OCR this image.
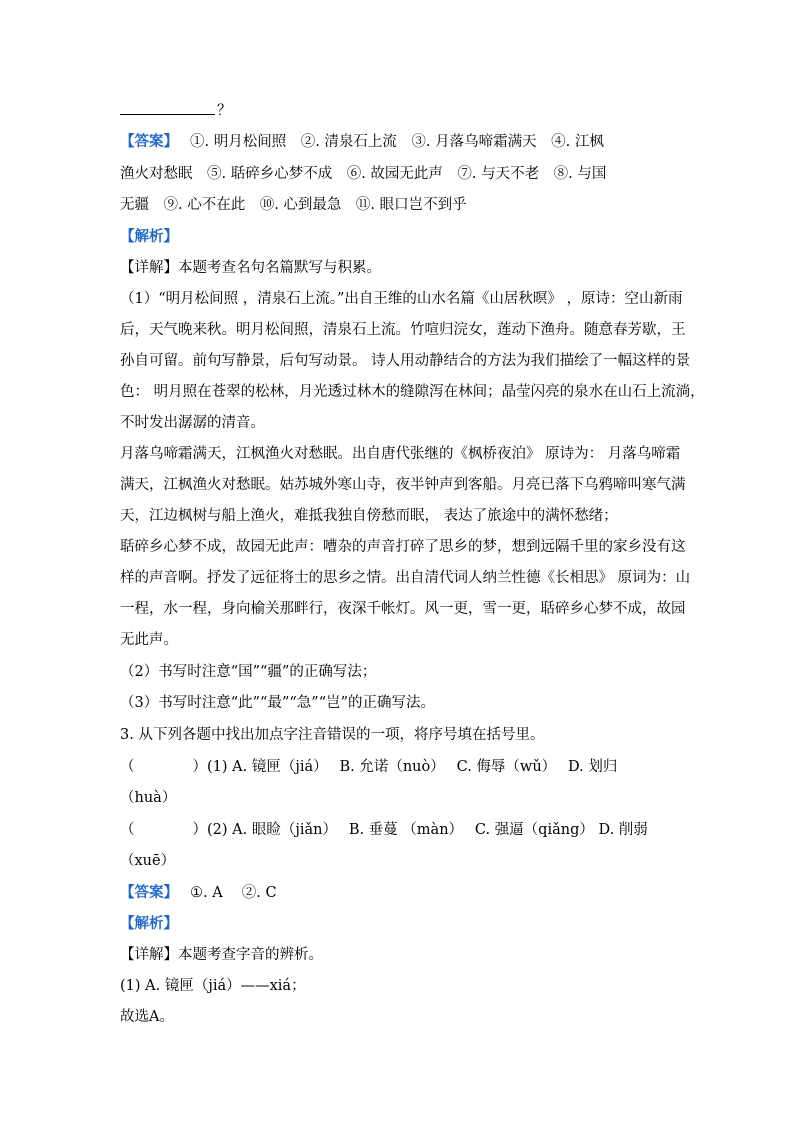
？
【答案】 ①. 明月松间照　②. 清泉石上流　③. 月落乌啼霜满天　④. 江枫
渔火对愁眠　⑤. 聒碎乡心梦不成　⑥. 故园无此声　⑦. 与天不老　⑧. 与国
无疆　⑨. 心不在此　⑩. 心到最急　⑪. 眼口岂不到乎
【解析】
【详解】本题考查名句名篇默写与积累。
（1）“明月松间照 ，清泉石上流。”出自王维的山水名篇《山居秋暝》 ，原诗：空山新雨
后，天气晚来秋。明月松间照，清泉石上流。竹喧归浣女，莲动下渔舟。随意春芳歇，王
孙自可留。前句写静景，后句写动景。 诗人用动静结合的方法为我们描绘了一幅这样的景
色： 明月照在苍翠的松林，月光透过林木的缝隙泻在林间；晶莹闪亮的泉水在山石上流淌，
不时发出潺潺的清音。
月落乌啼霜满天，江枫渔火对愁眠。出自唐代张继的《枫桥夜泊》 原诗为： 月落乌啼霜
满天，江枫渔火对愁眠。姑苏城外寒山寺，夜半钟声到客船。月亮已落下乌鸦啼叫寒气满
天，江边枫树与船上渔火，难抵我独自傍愁而眠， 表达了旅途中的满怀愁绪；
聒碎乡心梦不成，故园无此声：嘈杂的声音打碎了思乡的梦，想到远隔千里的家乡没有这
样的声音啊。抒发了远征将士的思乡之情。出自清代词人纳兰性德《长相思》 原词为：山
一程，水一程，身向榆关那畔行，夜深千帐灯。风一更，雪一更，聒碎乡心梦不成，故园
无此声。
（2）书写时注意“国”“疆”的正确写法；
（3）书写时注意“此”“最”“急”“岂”的正确写法。
3. 从下列各题中找出加点字注音错误的一项，将序号填在括号里。
（　　　　）(1) A. 镜匣（jiá）　 B. 允诺（nuò）　 C. 侮辱（wǔ）　 D. 划归
（huà）
（　　　　）(2) A. 眼睑（jiǎn）　 B. 垂蔓 （màn）　 C. 强逼（qiǎng） D. 削弱
（xuē）
【答案】 ①. A　 ②. C
【解析】
【详解】本题考查字音的辨析。
(1) A. 镜匣（jiá）——xiá；
故选A。
